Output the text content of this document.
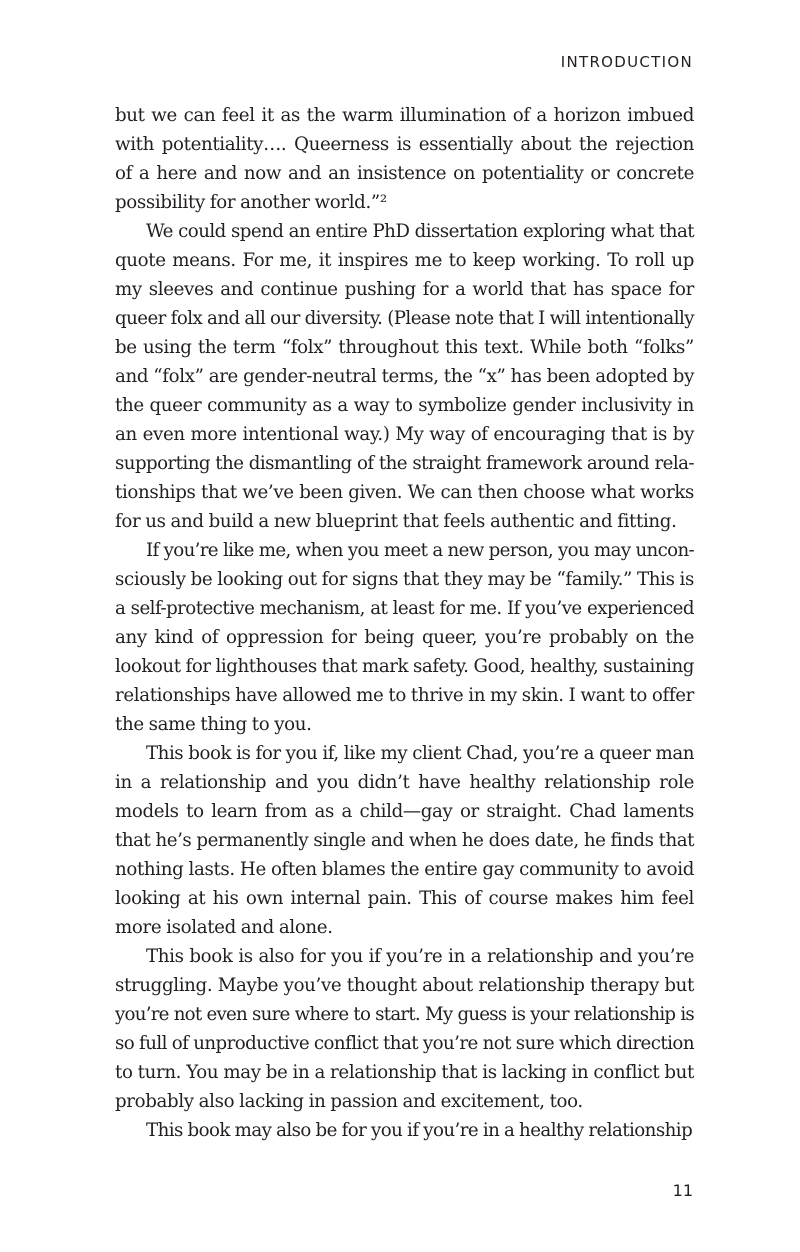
INTRODUCTION
but we can feel it as the warm illumination of a horizon imbued
with potentiality…. Queerness is essentially about the rejection
of a here and now and an insistence on potentiality or concrete
possibility for another world.”²
We could spend an entire PhD dissertation exploring what that
quote means. For me, it inspires me to keep working. To roll up
my sleeves and continue pushing for a world that has space for
queer folx and all our diversity. (Please note that I will intentionally
be using the term “folx” throughout this text. While both “folks”
and “folx” are gender-neutral terms, the “x” has been adopted by
the queer community as a way to symbolize gender inclusivity in
an even more intentional way.) My way of encouraging that is by
supporting the dismantling of the straight framework around rela-
tionships that we’ve been given. We can then choose what works
for us and build a new blueprint that feels authentic and fitting.
If you’re like me, when you meet a new person, you may uncon-
sciously be looking out for signs that they may be “family.” This is
a self-protective mechanism, at least for me. If you’ve experienced
any kind of oppression for being queer, you’re probably on the
lookout for lighthouses that mark safety. Good, healthy, sustaining
relationships have allowed me to thrive in my skin. I want to offer
the same thing to you.
This book is for you if, like my client Chad, you’re a queer man
in a relationship and you didn’t have healthy relationship role
models to learn from as a child—gay or straight. Chad laments
that he’s permanently single and when he does date, he finds that
nothing lasts. He often blames the entire gay community to avoid
looking at his own internal pain. This of course makes him feel
more isolated and alone.
This book is also for you if you’re in a relationship and you’re
struggling. Maybe you’ve thought about relationship therapy but
you’re not even sure where to start. My guess is your relationship is
so full of unproductive conflict that you’re not sure which direction
to turn. You may be in a relationship that is lacking in conflict but
probably also lacking in passion and excitement, too.
This book may also be for you if you’re in a healthy relationship
11
